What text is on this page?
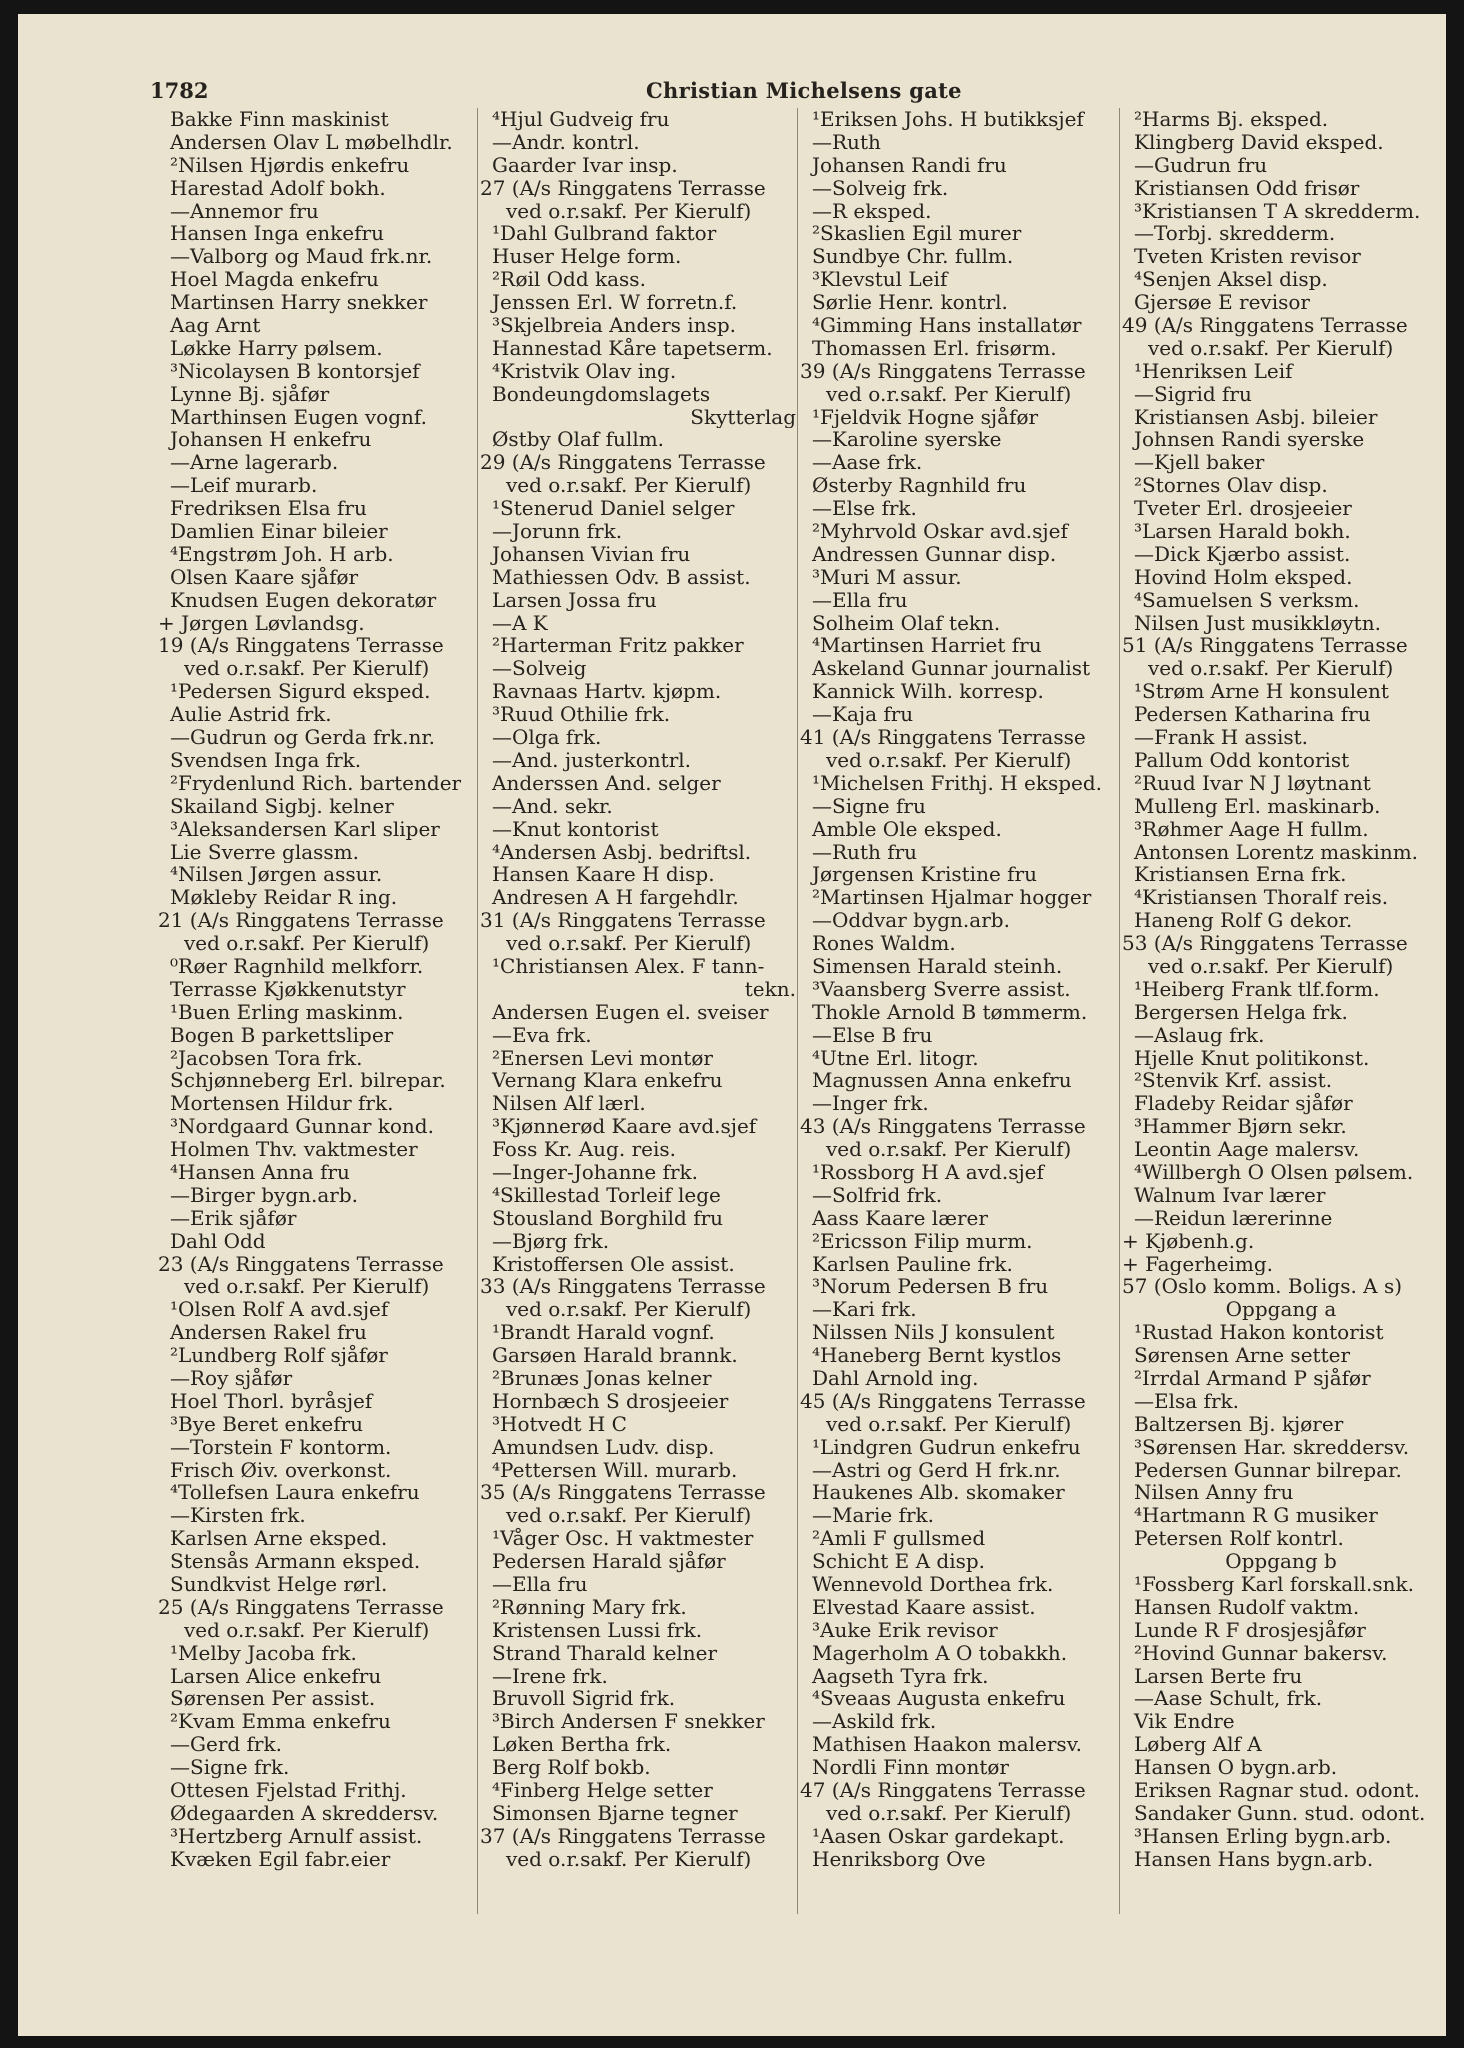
1782	Christian Michelsens gate
Bakke Finn maskinist
Andersen Olav L møbelhdlr.
²Nilsen Hjørdis enkefru
Harestad Adolf bokh.
—Annemor fru
Hansen Inga enkefru
—Valborg og Maud frk.nr.
Hoel Magda enkefru
Martinsen Harry snekker
Aag Arnt
Løkke Harry pølsem.
³Nicolaysen B kontorsjef
Lynne Bj. sjåfør
Marthinsen Eugen vognf.
Johansen H enkefru
—Arne lagerarb.
—Leif murarb.
Fredriksen Elsa fru
Damlien Einar bileier
⁴Engstrøm Joh. H arb.
Olsen Kaare sjåfør
Knudsen Eugen dekoratør
+ Jørgen Løvlandsg.
19 (A/s Ringgatens Terrasse
ved o.r.sakf. Per Kierulf)
¹Pedersen Sigurd eksped.
Aulie Astrid frk.
—Gudrun og Gerda frk.nr.
Svendsen Inga frk.
²Frydenlund Rich. bartender
Skailand Sigbj. kelner
³Aleksandersen Karl sliper
Lie Sverre glassm.
⁴Nilsen Jørgen assur.
Møkleby Reidar R ing.
21 (A/s Ringgatens Terrasse
ved o.r.sakf. Per Kierulf)
⁰Røer Ragnhild melkforr.
Terrasse Kjøkkenutstyr
¹Buen Erling maskinm.
Bogen B parkettsliper
²Jacobsen Tora frk.
Schjønneberg Erl. bilrepar.
Mortensen Hildur frk.
³Nordgaard Gunnar kond.
Holmen Thv. vaktmester
⁴Hansen Anna fru
—Birger bygn.arb.
—Erik sjåfør
Dahl Odd
23 (A/s Ringgatens Terrasse
ved o.r.sakf. Per Kierulf)
¹Olsen Rolf A avd.sjef
Andersen Rakel fru
²Lundberg Rolf sjåfør
—Roy sjåfør
Hoel Thorl. byråsjef
³Bye Beret enkefru
—Torstein F kontorm.
Frisch Øiv. overkonst.
⁴Tollefsen Laura enkefru
—Kirsten frk.
Karlsen Arne eksped.
Stensås Armann eksped.
Sundkvist Helge rørl.
25 (A/s Ringgatens Terrasse
ved o.r.sakf. Per Kierulf)
¹Melby Jacoba frk.
Larsen Alice enkefru
Sørensen Per assist.
²Kvam Emma enkefru
—Gerd frk.
—Signe frk.
Ottesen Fjelstad Frithj.
Ødegaarden A skreddersv.
³Hertzberg Arnulf assist.
Kvæken Egil fabr.eier
⁴Hjul Gudveig fru
—Andr. kontrl.
Gaarder Ivar insp.
27 (A/s Ringgatens Terrasse
ved o.r.sakf. Per Kierulf)
¹Dahl Gulbrand faktor
Huser Helge form.
²Røil Odd kass.
Jenssen Erl. W forretn.f.
³Skjelbreia Anders insp.
Hannestad Kåre tapetserm.
⁴Kristvik Olav ing.
Bondeungdomslagets
Skytterlag
Østby Olaf fullm.
29 (A/s Ringgatens Terrasse
ved o.r.sakf. Per Kierulf)
¹Stenerud Daniel selger
—Jorunn frk.
Johansen Vivian fru
Mathiessen Odv. B assist.
Larsen Jossa fru
—A K
²Harterman Fritz pakker
—Solveig
Ravnaas Hartv. kjøpm.
³Ruud Othilie frk.
—Olga frk.
—And. justerkontrl.
Anderssen And. selger
—And. sekr.
—Knut kontorist
⁴Andersen Asbj. bedriftsl.
Hansen Kaare H disp.
Andresen A H fargehdlr.
31 (A/s Ringgatens Terrasse
ved o.r.sakf. Per Kierulf)
¹Christiansen Alex. F tann-
tekn.
Andersen Eugen el. sveiser
—Eva frk.
²Enersen Levi montør
Vernang Klara enkefru
Nilsen Alf lærl.
³Kjønnerød Kaare avd.sjef
Foss Kr. Aug. reis.
—Inger-Johanne frk.
⁴Skillestad Torleif lege
Stousland Borghild fru
—Bjørg frk.
Kristoffersen Ole assist.
33 (A/s Ringgatens Terrasse
ved o.r.sakf. Per Kierulf)
¹Brandt Harald vognf.
Garsøen Harald brannk.
²Brunæs Jonas kelner
Hornbæch S drosjeeier
³Hotvedt H C
Amundsen Ludv. disp.
⁴Pettersen Will. murarb.
35 (A/s Ringgatens Terrasse
ved o.r.sakf. Per Kierulf)
¹Våger Osc. H vaktmester
Pedersen Harald sjåfør
—Ella fru
²Rønning Mary frk.
Kristensen Lussi frk.
Strand Tharald kelner
—Irene frk.
Bruvoll Sigrid frk.
³Birch Andersen F snekker
Løken Bertha frk.
Berg Rolf bokb.
⁴Finberg Helge setter
Simonsen Bjarne tegner
37 (A/s Ringgatens Terrasse
ved o.r.sakf. Per Kierulf)
¹Eriksen Johs. H butikksjef
—Ruth
Johansen Randi fru
—Solveig frk.
—R eksped.
²Skaslien Egil murer
Sundbye Chr. fullm.
³Klevstul Leif
Sørlie Henr. kontrl.
⁴Gimming Hans installatør
Thomassen Erl. frisørm.
39 (A/s Ringgatens Terrasse
ved o.r.sakf. Per Kierulf)
¹Fjeldvik Hogne sjåfør
—Karoline syerske
—Aase frk.
Østerby Ragnhild fru
—Else frk.
²Myhrvold Oskar avd.sjef
Andressen Gunnar disp.
³Muri M assur.
—Ella fru
Solheim Olaf tekn.
⁴Martinsen Harriet fru
Askeland Gunnar journalist
Kannick Wilh. korresp.
—Kaja fru
41 (A/s Ringgatens Terrasse
ved o.r.sakf. Per Kierulf)
¹Michelsen Frithj. H eksped.
—Signe fru
Amble Ole eksped.
—Ruth fru
Jørgensen Kristine fru
²Martinsen Hjalmar hogger
—Oddvar bygn.arb.
Rones Waldm.
Simensen Harald steinh.
³Vaansberg Sverre assist.
Thokle Arnold B tømmerm.
—Else B fru
⁴Utne Erl. litogr.
Magnussen Anna enkefru
—Inger frk.
43 (A/s Ringgatens Terrasse
ved o.r.sakf. Per Kierulf)
¹Rossborg H A avd.sjef
—Solfrid frk.
Aass Kaare lærer
²Ericsson Filip murm.
Karlsen Pauline frk.
³Norum Pedersen B fru
—Kari frk.
Nilssen Nils J konsulent
⁴Haneberg Bernt kystlos
Dahl Arnold ing.
45 (A/s Ringgatens Terrasse
ved o.r.sakf. Per Kierulf)
¹Lindgren Gudrun enkefru
—Astri og Gerd H frk.nr.
Haukenes Alb. skomaker
—Marie frk.
²Amli F gullsmed
Schicht E A disp.
Wennevold Dorthea frk.
Elvestad Kaare assist.
³Auke Erik revisor
Magerholm A O tobakkh.
Aagseth Tyra frk.
⁴Sveaas Augusta enkefru
—Askild frk.
Mathisen Haakon malersv.
Nordli Finn montør
47 (A/s Ringgatens Terrasse
ved o.r.sakf. Per Kierulf)
¹Aasen Oskar gardekapt.
Henriksborg Ove
²Harms Bj. eksped.
Klingberg David eksped.
—Gudrun fru
Kristiansen Odd frisør
³Kristiansen T A skredderm.
—Torbj. skredderm.
Tveten Kristen revisor
⁴Senjen Aksel disp.
Gjersøe E revisor
49 (A/s Ringgatens Terrasse
ved o.r.sakf. Per Kierulf)
¹Henriksen Leif
—Sigrid fru
Kristiansen Asbj. bileier
Johnsen Randi syerske
—Kjell baker
²Stornes Olav disp.
Tveter Erl. drosjeeier
³Larsen Harald bokh.
—Dick Kjærbo assist.
Hovind Holm eksped.
⁴Samuelsen S verksm.
Nilsen Just musikkløytn.
51 (A/s Ringgatens Terrasse
ved o.r.sakf. Per Kierulf)
¹Strøm Arne H konsulent
Pedersen Katharina fru
—Frank H assist.
Pallum Odd kontorist
²Ruud Ivar N J løytnant
Mulleng Erl. maskinarb.
³Røhmer Aage H fullm.
Antonsen Lorentz maskinm.
Kristiansen Erna frk.
⁴Kristiansen Thoralf reis.
Haneng Rolf G dekor.
53 (A/s Ringgatens Terrasse
ved o.r.sakf. Per Kierulf)
¹Heiberg Frank tlf.form.
Bergersen Helga frk.
—Aslaug frk.
Hjelle Knut politikonst.
²Stenvik Krf. assist.
Fladeby Reidar sjåfør
³Hammer Bjørn sekr.
Leontin Aage malersv.
⁴Willbergh O Olsen pølsem.
Walnum Ivar lærer
—Reidun lærerinne
+ Kjøbenh.g.
+ Fagerheimg.
57 (Oslo komm. Boligs. A s)
Oppgang a
¹Rustad Hakon kontorist
Sørensen Arne setter
²Irrdal Armand P sjåfør
—Elsa frk.
Baltzersen Bj. kjører
³Sørensen Har. skreddersv.
Pedersen Gunnar bilrepar.
Nilsen Anny fru
⁴Hartmann R G musiker
Petersen Rolf kontrl.
Oppgang b
¹Fossberg Karl forskall.snk.
Hansen Rudolf vaktm.
Lunde R F drosjesjåfør
²Hovind Gunnar bakersv.
Larsen Berte fru
—Aase Schult, frk.
Vik Endre
Løberg Alf A
Hansen O bygn.arb.
Eriksen Ragnar stud. odont.
Sandaker Gunn. stud. odont.
³Hansen Erling bygn.arb.
Hansen Hans bygn.arb.
